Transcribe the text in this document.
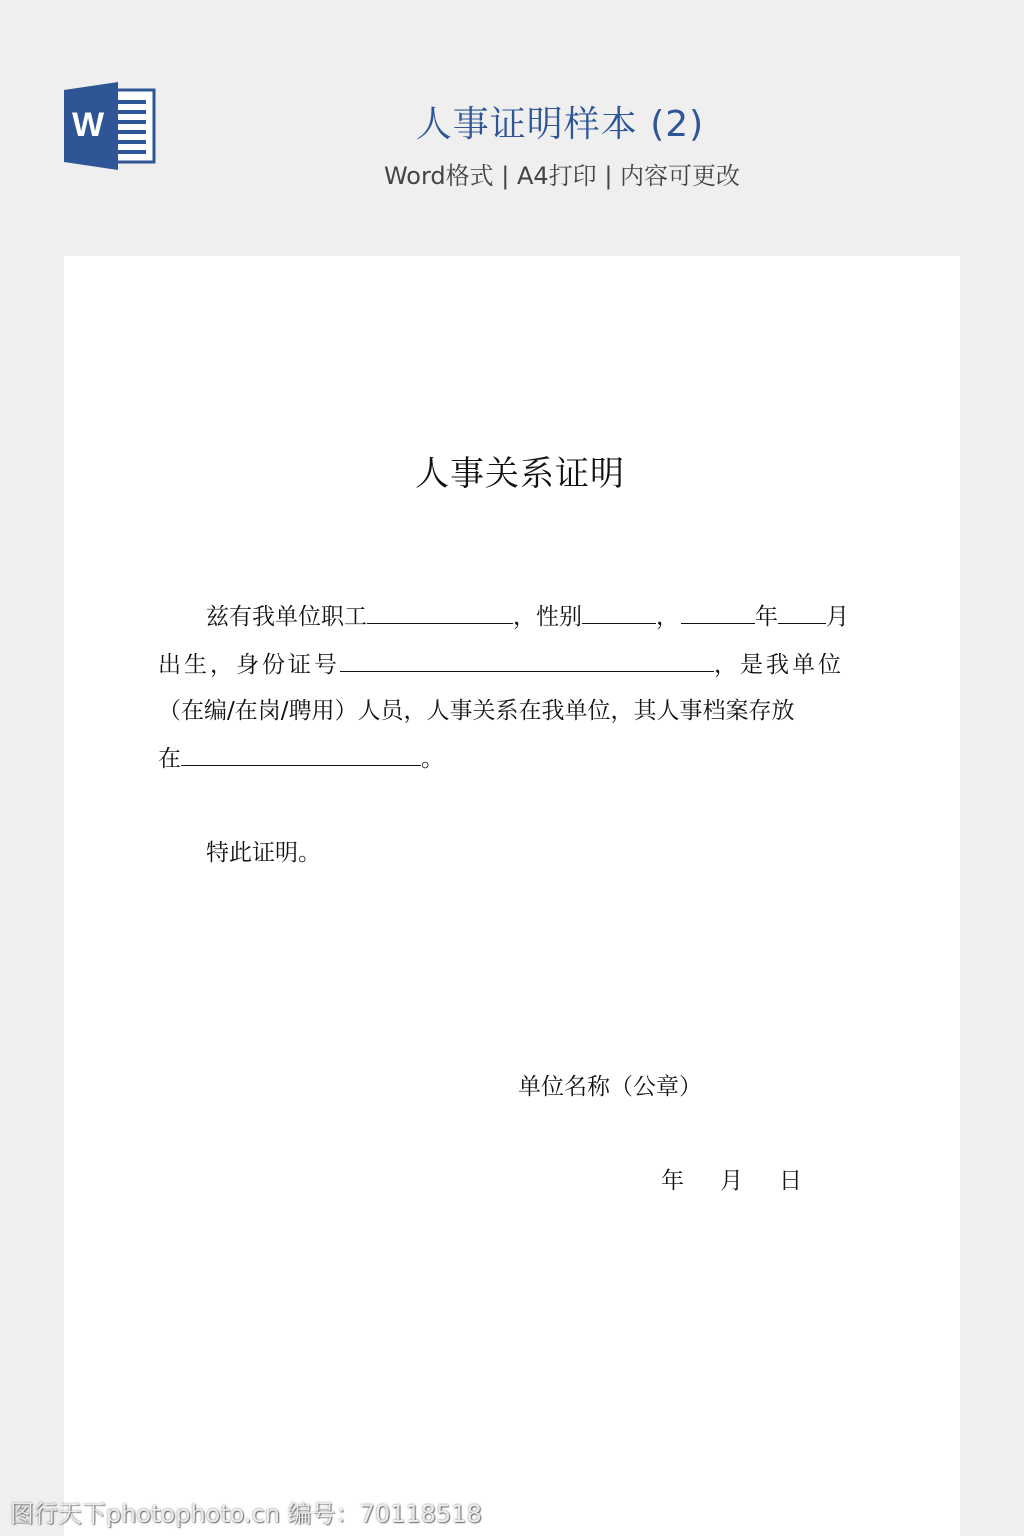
W	人事证明样本 (2)

Word格式 | A4打印 | 内容可更改

人事关系证明

兹有我单位职工	，性别	，	年 月

出生，身份证号	，是我单位

（在编/在岗/聘用）人员，人事关系在我单位，其人事档案存放

在	。

特此证明。

单位名称（公章）

年 月 日

图行天下photophoto.cn 编号：70118518
